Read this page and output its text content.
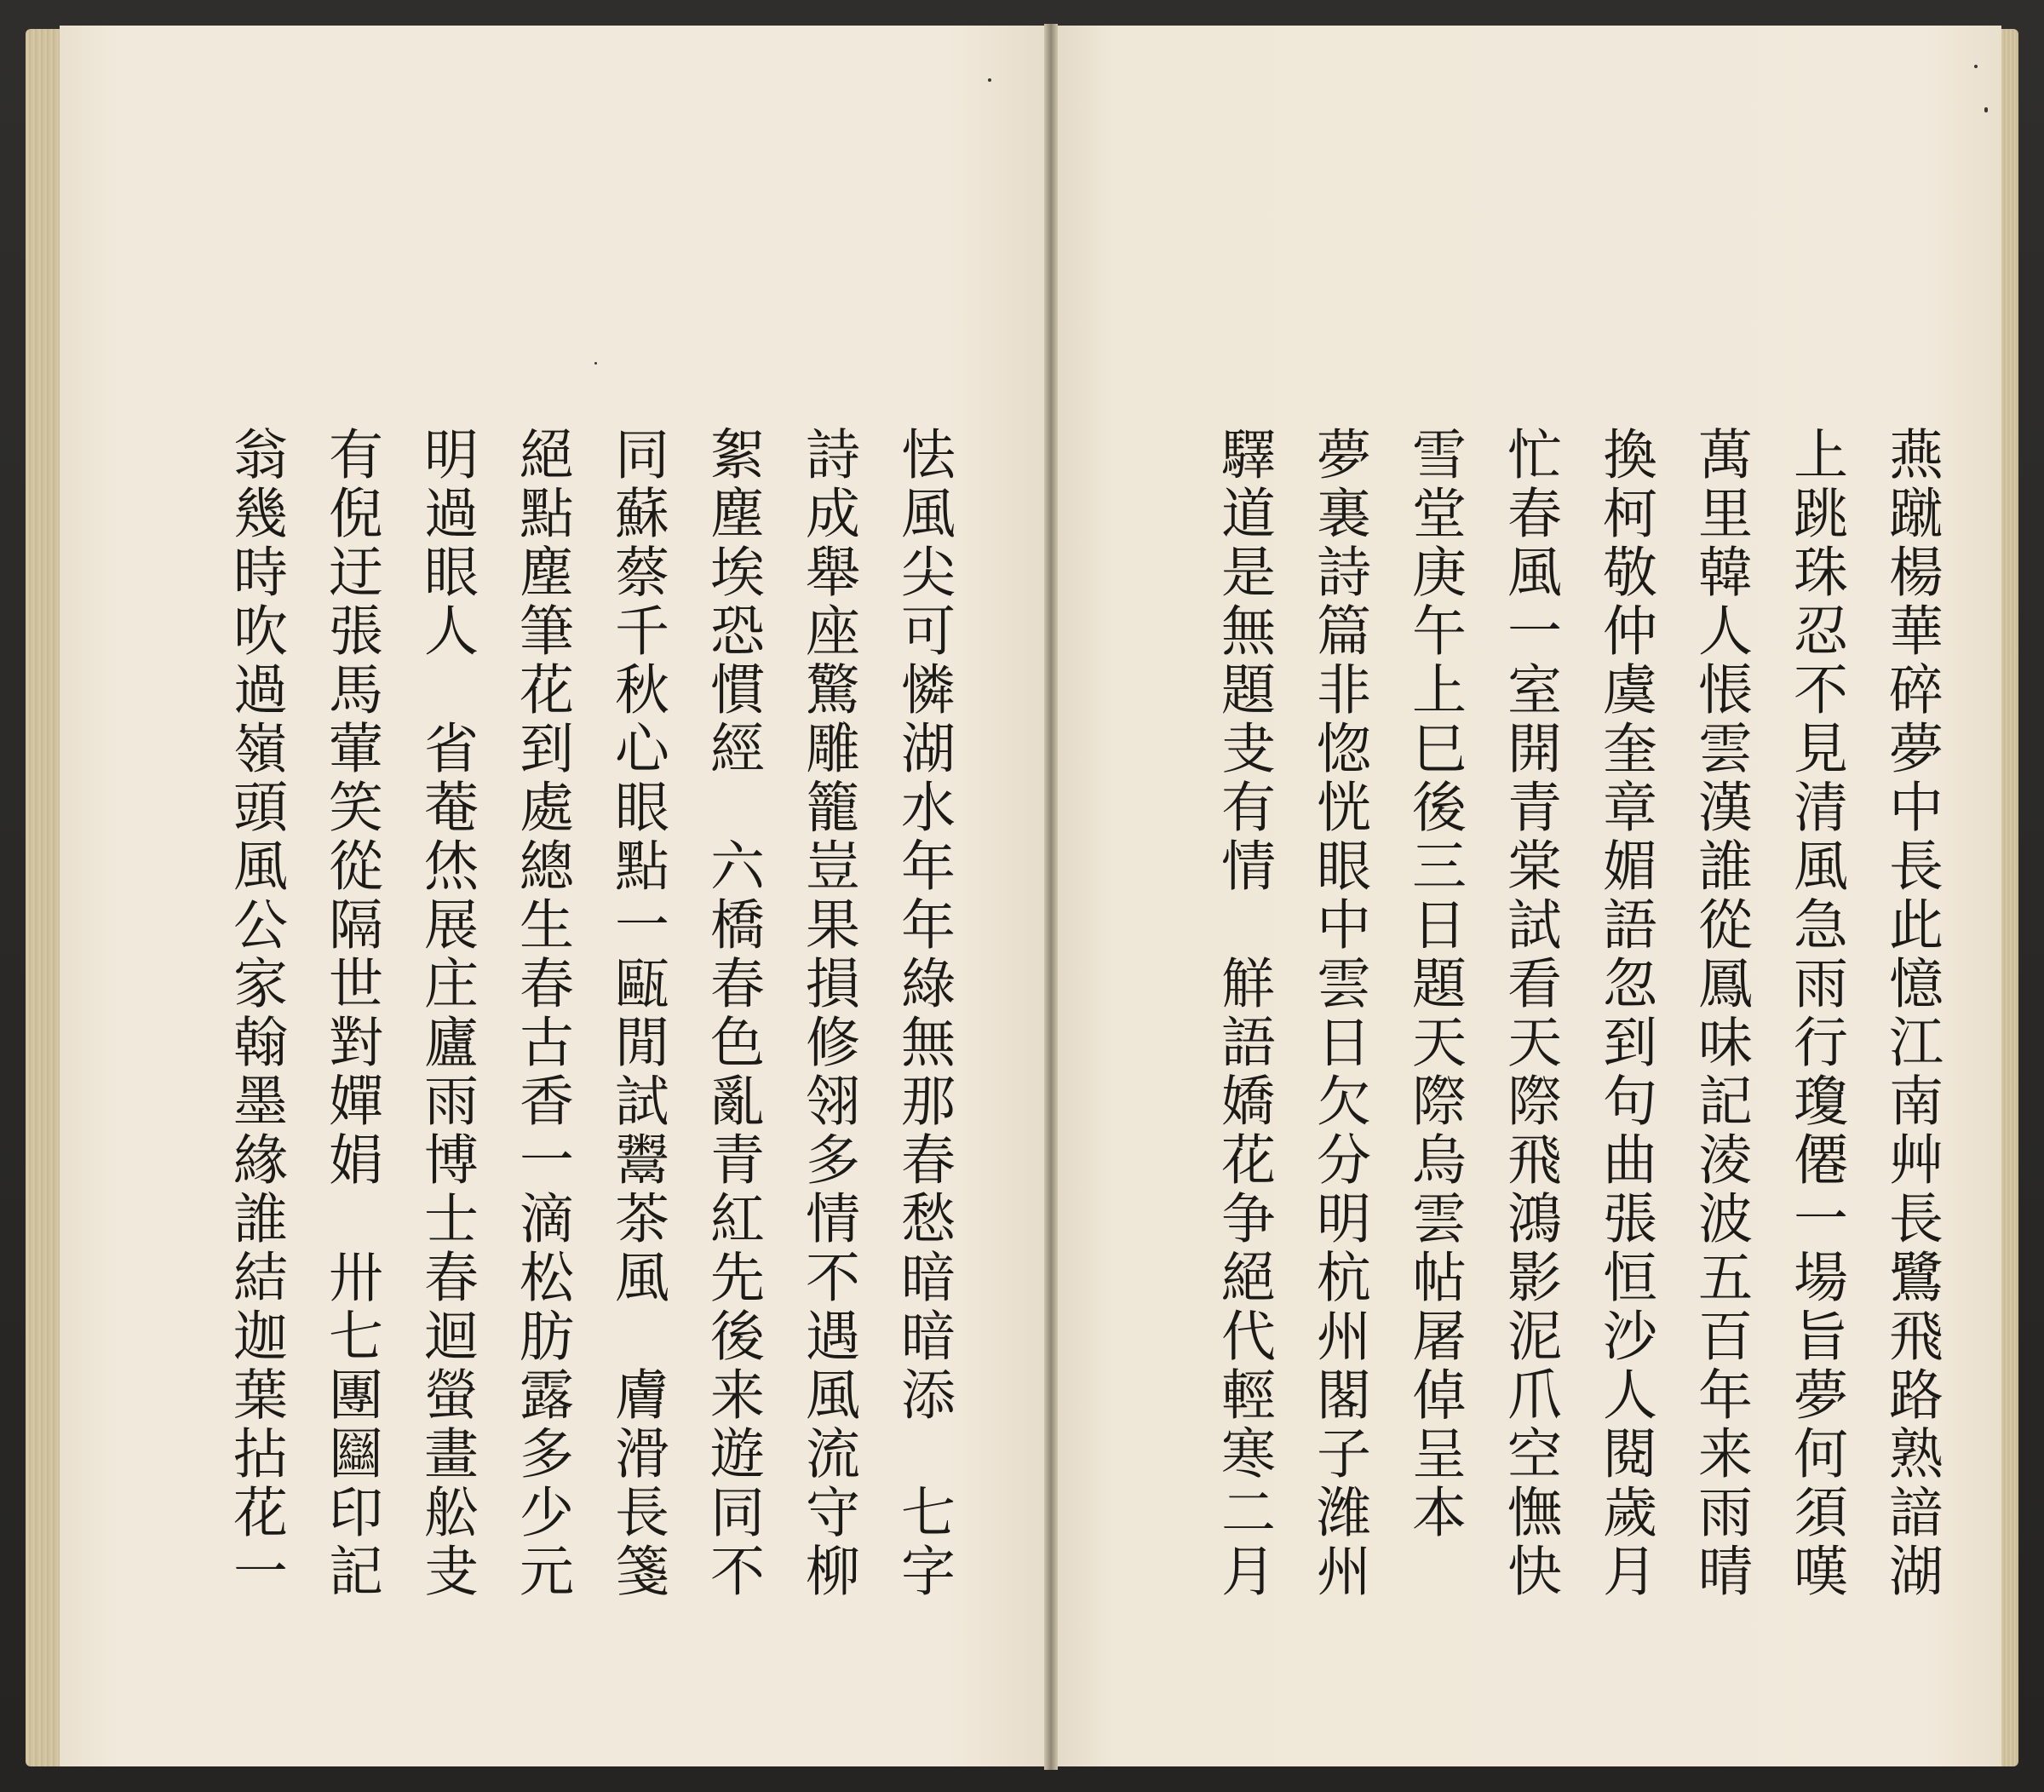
怯風尖可憐湖水年年綠無那春愁暗暗添　七字
詩成舉座驚雕籠豈果損修翎多情不遇風流守柳
絮塵埃恐慣經　六橋春色亂青紅先後来遊同不
同蘇蔡千秋心眼點一甌閒試鬻茶風　膚滑長箋
絕點塵筆花到處總生春古香一滴松肪露多少元
明過眼人　省菴烋展庄廬雨博士春迴螢畫舩叏
有倪迂張馬葷笑從隔世對嬋娟　卅七團圝印記
翁幾時吹過嶺頭風公家翰墨緣誰結迦葉拈花一	燕蹴楊華碎夢中長此憶江南艸長鷺飛路熟諳湖
上跳珠忍不見清風急雨行瓊僊一場旨夢何須嘆
萬里韓人悵雲漢誰從鳳味記淩波五百年来雨晴
換柯敬仲虞奎章媚語忽到句曲張恒沙人閱歲月
忙春風一室開青棠試看天際飛鴻影泥爪空憮快
雪堂庚午上巳後三日題天際烏雲帖屠倬呈本
夢裏詩篇非惚恍眼中雲日欠分明杭州閣子潍州
驛道是無題叏有情　觧語嬌花争絕代輕寒二月
